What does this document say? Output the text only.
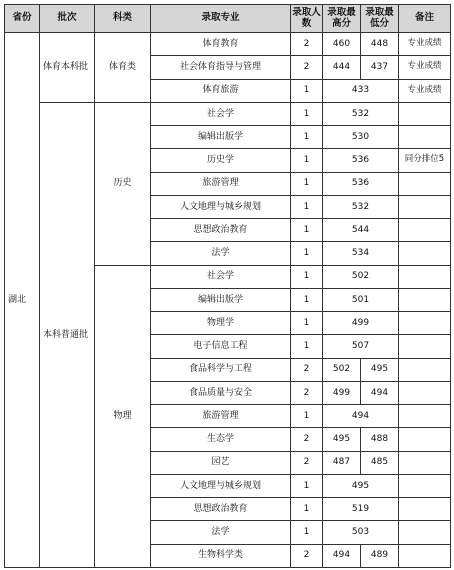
省份	批次	科类	录取专业	录取人数	录取最高分	录取最低分	备注
湖北	体育本科批	体育类	体育教育	2	460	448	专业成绩
			社会体育指导与管理	2	444	437	专业成绩
			体育旅游	1	433		专业成绩
	本科普通批	历史	社会学	1	532		
			编辑出版学	1	530		
			历史学	1	536		同分排位5
			旅游管理	1	536		
			人文地理与城乡规划	1	532		
			思想政治教育	1	544		
			法学	1	534		
		物理	社会学	1	502		
			编辑出版学	1	501		
			物理学	1	499		
			电子信息工程	1	507		
			食品科学与工程	2	502	495	
			食品质量与安全	2	499	494	
			旅游管理	1	494		
			生态学	2	495	488	
			园艺	2	487	485	
			人文地理与城乡规划	1	495		
			思想政治教育	1	519		
			法学	1	503		
			生物科学类	2	494	489	
